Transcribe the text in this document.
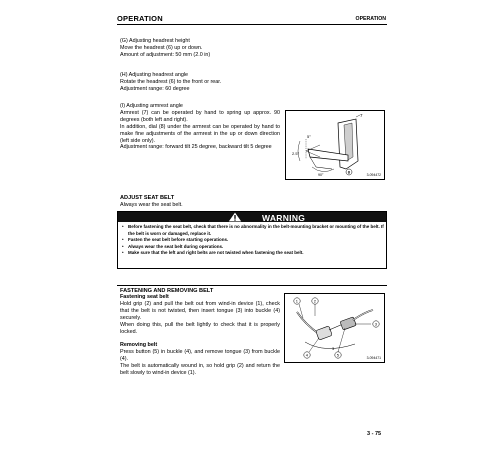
OPERATION	OPERATION

(G) Adjusting headrest height

Move the headrest (6) up or down.

Amount of adjustment: 50 mm (2.0 in)

(H) Adjusting headrest angle

Rotate the headrest (6) to the front or rear.

Adjustment range: 60 degree

(I) Adjusting armrest angle

Armrest (7) can be operated by hand to spring up approx. 90 degrees (both left and right).

In addition, dial (8) under the armrest can be operated by hand to make fine adjustments of the armrest in the up or down direction (left side only).

Adjustment range: forward tilt 25 degree, backward tilt 5 degree

7
8
5°
2.5°
90°	3-094472
ADJUST SEAT BELT
Always wear the seat belt.
WARNING
• Before fastening the seat belt, check that there is no abnormality in the belt-mounting bracket or mounting of the belt. If the belt is worn or damaged, replace it.
• Fasten the seat belt before starting operations.
• Always wear the seat belt during operations.
• Make sure that the left and right belts are not twisted when fastening the seat belt.
FASTENING AND REMOVING BELT

Fastening seat belt

Hold grip (2) and pull the belt out from wind-in device (1), check that the belt is not twisted, then insert tongue (3) into buckle (4) securely.

When doing this, pull the belt lightly to check that it is properly locked.

Removing belt

Press button (5) in buckle (4), and remove tongue (3) from buckle (4).

The belt is automatically wound in, so hold grip (2) and return the belt slowly to wind-in device (1).

1	2
3
4	5
3
3-094471
3 - 75
